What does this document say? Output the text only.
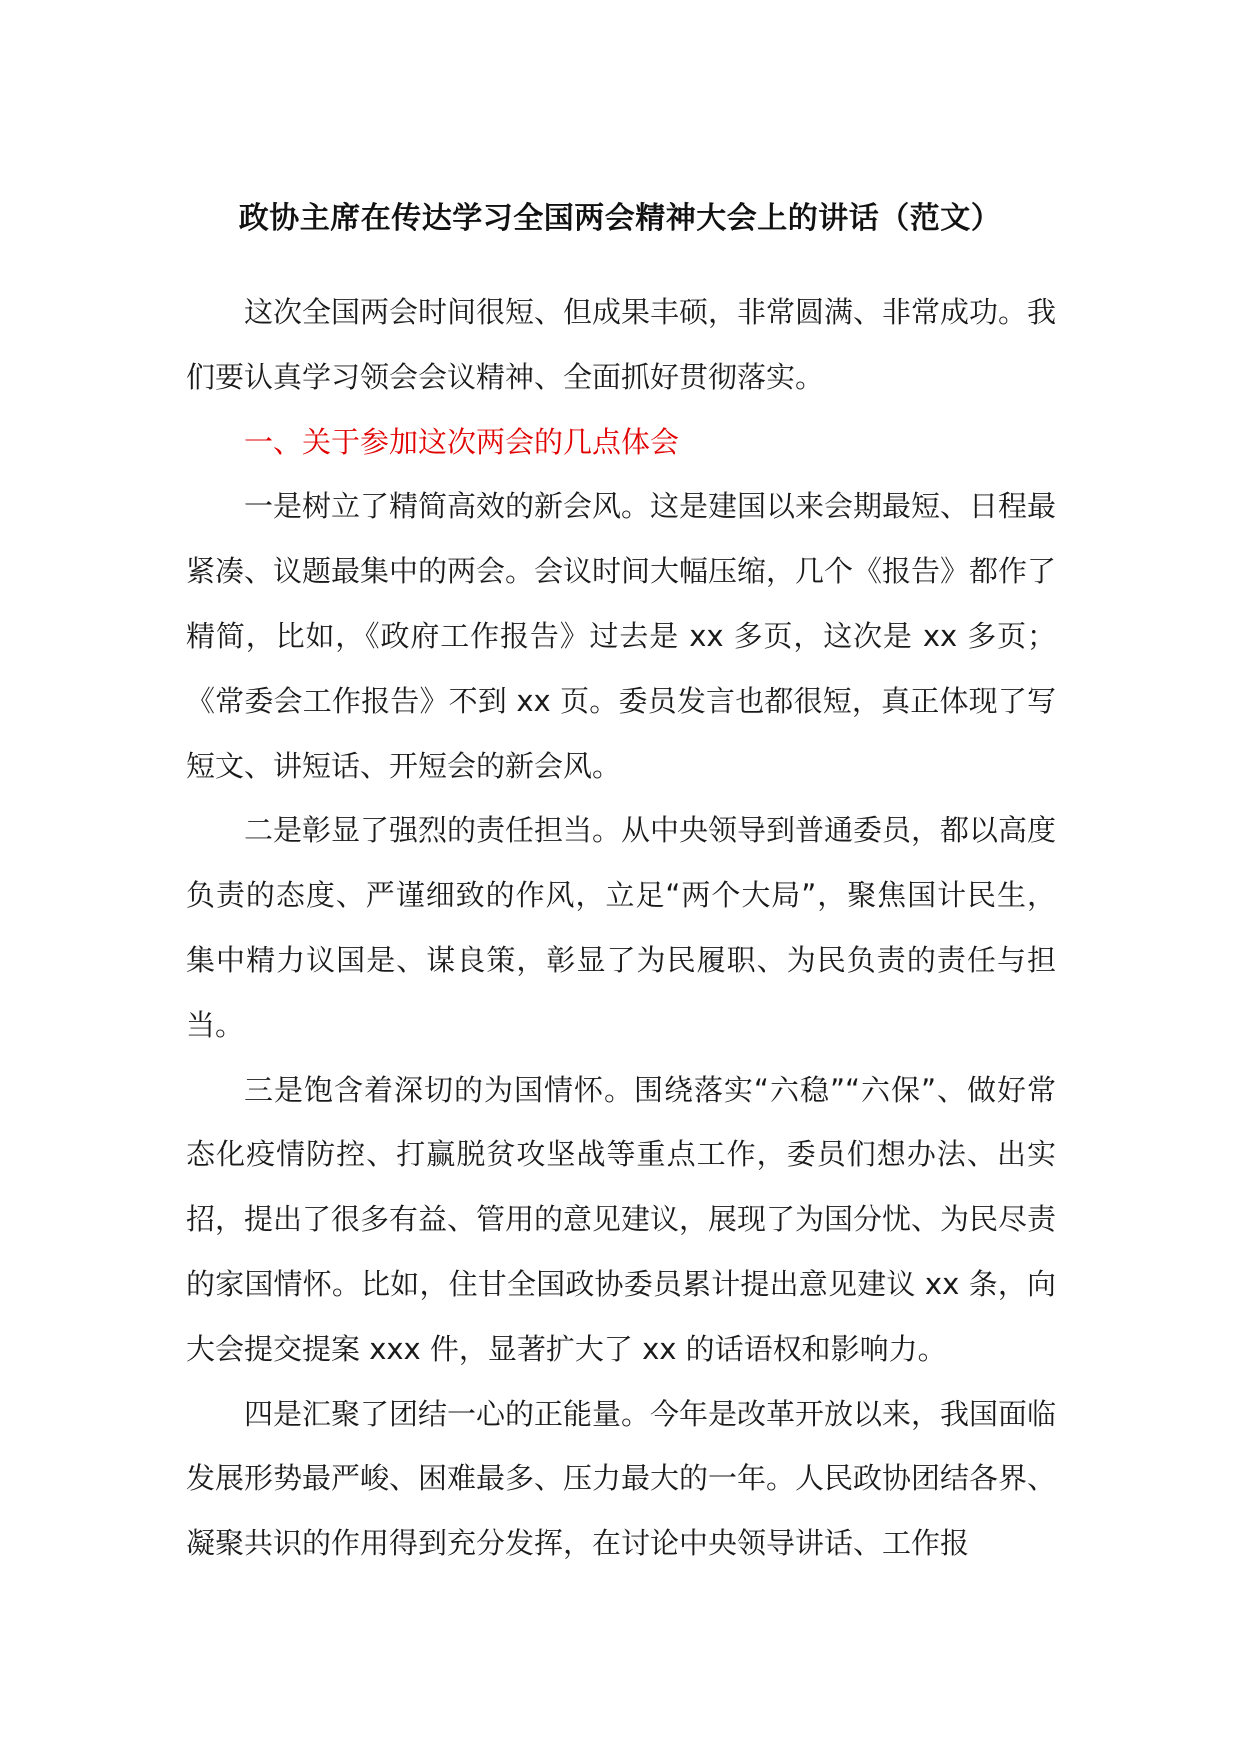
政协主席在传达学习全国两会精神大会上的讲话（范文）

这次全国两会时间很短、但成果丰硕，非常圆满、非常成功。我们要认真学习领会会议精神、全面抓好贯彻落实。

一、关于参加这次两会的几点体会

一是树立了精简高效的新会风。这是建国以来会期最短、日程最紧凑、议题最集中的两会。会议时间大幅压缩，几个《报告》都作了精简，比如，《政府工作报告》过去是 xx 多页，这次是 xx 多页；《常委会工作报告》不到 xx 页。委员发言也都很短，真正体现了写短文、讲短话、开短会的新会风。

二是彰显了强烈的责任担当。从中央领导到普通委员，都以高度负责的态度、严谨细致的作风，立足“两个大局”，聚焦国计民生，集中精力议国是、谋良策，彰显了为民履职、为民负责的责任与担当。

三是饱含着深切的为国情怀。围绕落实“六稳”“六保”、做好常态化疫情防控、打赢脱贫攻坚战等重点工作，委员们想办法、出实招，提出了很多有益、管用的意见建议，展现了为国分忧、为民尽责的家国情怀。比如，住甘全国政协委员累计提出意见建议 xx 条，向大会提交提案 xxx 件，显著扩大了 xx 的话语权和影响力。

四是汇聚了团结一心的正能量。今年是改革开放以来，我国面临发展形势最严峻、困难最多、压力最大的一年。人民政协团结各界、凝聚共识的作用得到充分发挥，在讨论中央领导讲话、工作报
